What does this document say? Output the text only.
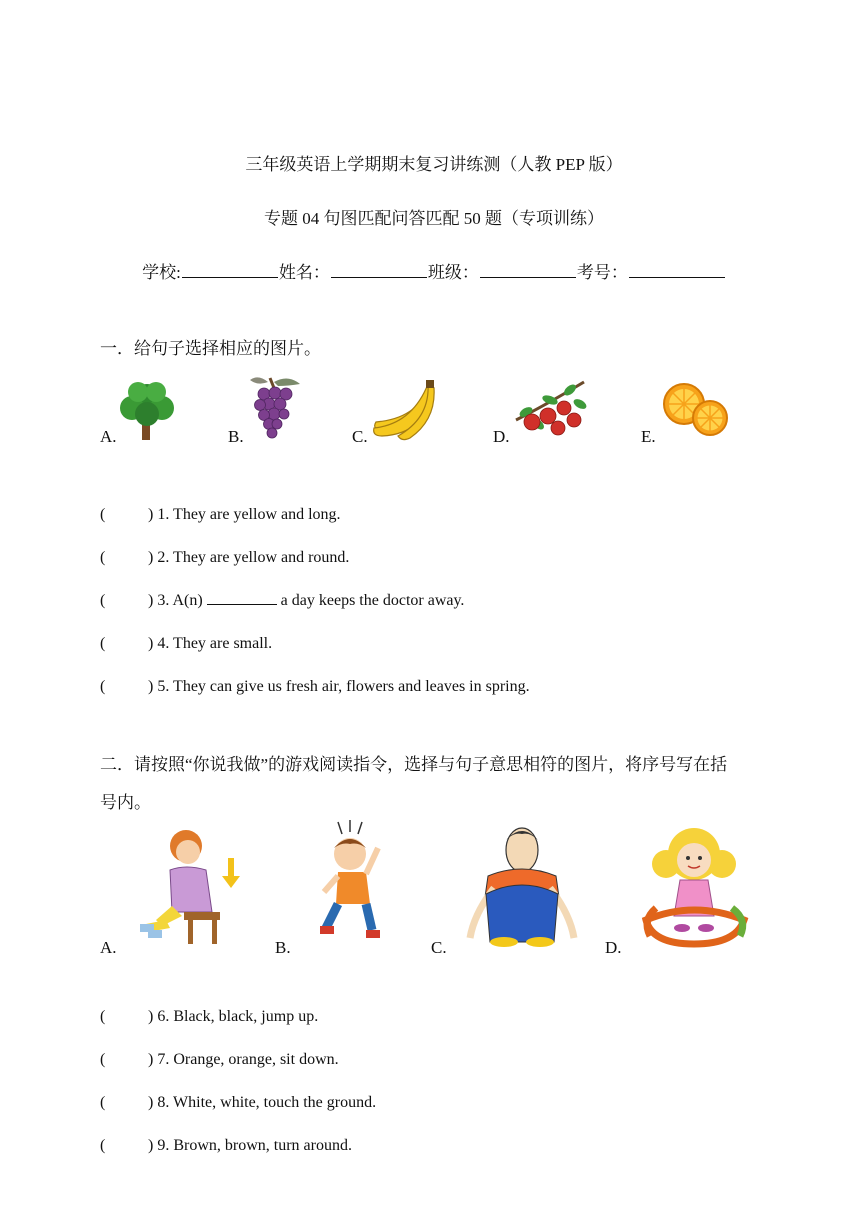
三年级英语上学期期末复习讲练测（人教 PEP 版）
专题 04 句图匹配问答匹配 50 题（专项训练）
学校:	姓名：	班级：	考号：
一．给句子选择相应的图片。
A.	B.	C.	D.	E.
(	) 1. They are yellow and long.
(	) 2. They are yellow and round.
(	) 3. A(n)	a day keeps the doctor away.
(	) 4. They are small.
(	) 5. They can give us fresh air, flowers and leaves in spring.
二．请按照“你说我做”的游戏阅读指令，选择与句子意思相符的图片，将序号写在括
号内。
A.	B.	C.	D.
(	) 6. Black, black, jump up.
(	) 7. Orange, orange, sit down.
(	) 8. White, white, touch the ground.
(	) 9. Brown, brown, turn around.
